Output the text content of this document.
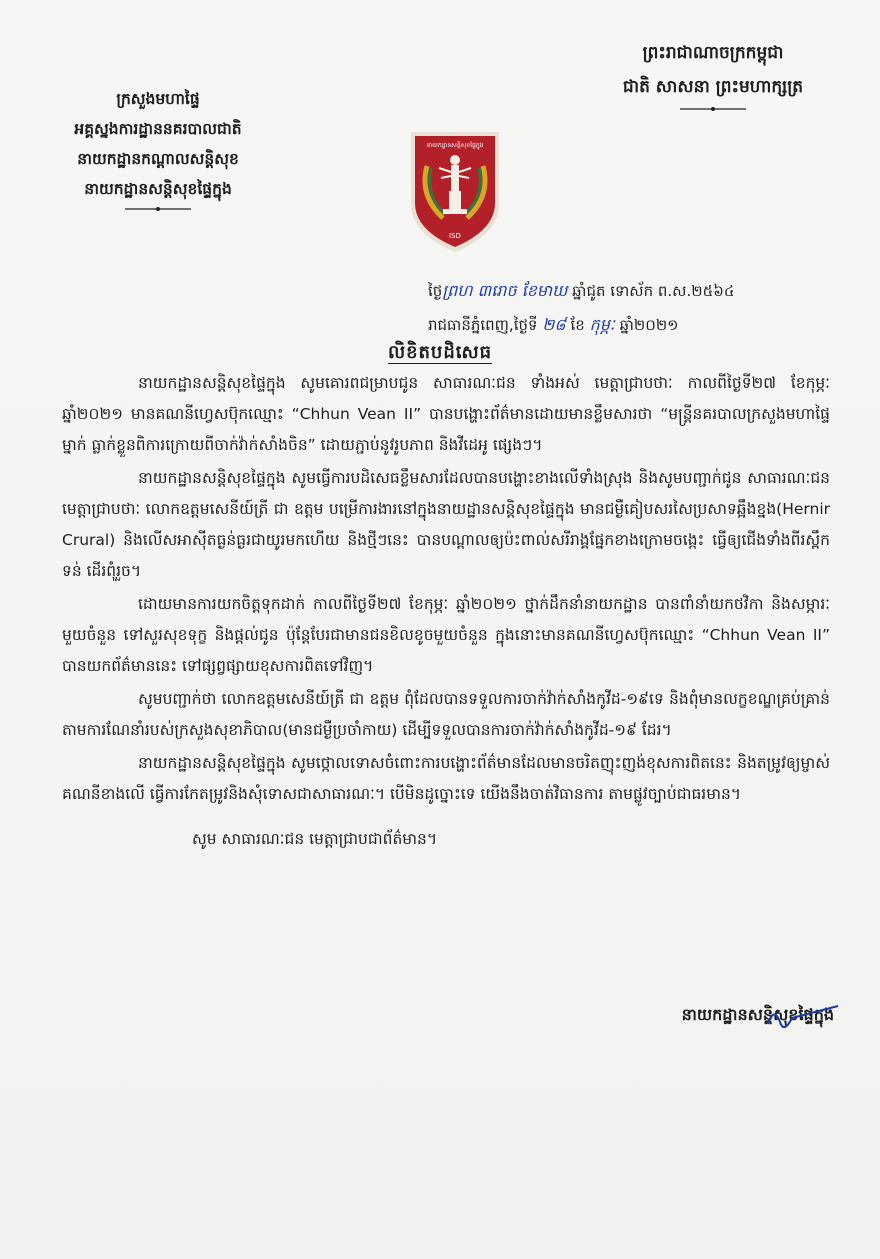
ព្រះរាជាណាចក្រកម្ពុជា
ជាតិ សាសនា ព្រះមហាក្សត្រ
ក្រសួងមហាផ្ទៃ
អគ្គស្នងការដ្ឋាននគរបាលជាតិ
នាយកដ្ឋានកណ្តាលសន្តិសុខ
នាយកដ្ឋានសន្តិសុខផ្ទៃក្នុង
នាយកដ្ឋានសន្តិសុខផ្ទៃក្នុង
ISD
ថ្ងៃព្រហ ៣រោច ខែមាឃ ឆ្នាំជូត ទោស័ក ព.ស.២៥៦៤
រាជធានីភ្នំពេញ,ថ្ងៃទី ២៨ ខែ កុម្ភៈ ឆ្នាំ២០២១
លិខិតបដិសេធ

នាយកដ្ឋានសន្តិសុខផ្ទៃក្នុង សូមគោរពជម្រាបជូន សាធារណៈជន ទាំងអស់ មេត្តាជ្រាបថាៈ កាលពីថ្ងៃទី២៧ ខែកុម្ភៈ ឆ្នាំ២០២១ មានគណនីហ្វេសប៊ុកឈ្មោះ “Chhun Vean II” បានបង្ហោះព័ត៌មានដោយមានខ្លឹមសារថា “មន្ត្រីនគរបាលក្រសួងមហាផ្ទៃម្នាក់ ធ្លាក់ខ្លួនពិការក្រោយពីចាក់វ៉ាក់សាំងចិន” ដោយភ្ជាប់នូវរូបភាព និងវីដេអូ ផ្សេងៗ។

នាយកដ្ឋានសន្តិសុខផ្ទៃក្នុង សូមធ្វើការបដិសេធខ្លឹមសារដែលបានបង្ហោះខាងលើទាំងស្រុង និងសូមបញ្ជាក់ជូន សាធារណៈជន មេត្តាជ្រាបថាៈ លោកឧត្តមសេនីយ៍ត្រី ជា ឧត្តម បម្រើការងារនៅក្នុងនាយដ្ឋានសន្តិសុខផ្ទៃក្នុង មានជម្ងឺគៀបសរសៃប្រសាទឆ្អឹងខ្នង(Hernir Crural) និងលើសអាស៊ីតធ្ងន់ធ្ងរជាយូរមកហើយ និងថ្មីៗនេះ បានបណ្តាលឲ្យប៉ះពាល់សរីរាង្គផ្នែកខាងក្រោមចង្កេះ ធ្វើឲ្យជើងទាំងពីរស្ពឹកទន់ ដើរពុំរួច។

ដោយមានការយកចិត្តទុកដាក់ កាលពីថ្ងៃទី២៧ ខែកុម្ភៈ ឆ្នាំ២០២១ ថ្នាក់ដឹកនាំនាយកដ្ឋាន បានពាំនាំយកថវិកា និងសម្ភារៈមួយចំនួន ទៅសួរសុខទុក្ខ និងផ្តល់ជូន ប៉ុន្តែបែរជាមានជនខិលខូចមួយចំនួន ក្នុងនោះមានគណនីហ្វេសប៊ុកឈ្មោះ “Chhun Vean II” បានយកព័ត៌មាននេះ ទៅផ្សព្វផ្សាយខុសការពិតទៅវិញ។

សូមបញ្ជាក់ថា លោកឧត្តមសេនីយ៍ត្រី ជា ឧត្តម ពុំដែលបានទទួលការចាក់វ៉ាក់សាំងកូវីដ-១៩ទេ និងពុំមានលក្ខខណ្ឌគ្រប់គ្រាន់តាមការណែនាំរបស់ក្រសួងសុខាភិបាល(មានជម្ងឺប្រចាំកាយ) ដើម្បីទទួលបានការចាក់វ៉ាក់សាំងកូវីដ-១៩ ដែរ។

នាយកដ្ឋានសន្តិសុខផ្ទៃក្នុង សូមថ្កោលទោសចំពោះការបង្ហោះព័ត៌មានដែលមានចរិតញុះញង់ខុសការពិតនេះ និងតម្រូវឲ្យម្ចាស់គណនីខាងលើ ធ្វើការកែតម្រូវនិងសុំទោសជាសាធារណៈ។ បើមិនដូច្នោះទេ យើងនឹងចាត់វិធានការ តាមផ្លូវច្បាប់ជាធរមាន។

សូម សាធារណៈជន មេត្តាជ្រាបជាព័ត៌មាន។

នាយកដ្ឋានសន្តិសុខផ្ទៃក្នុង
